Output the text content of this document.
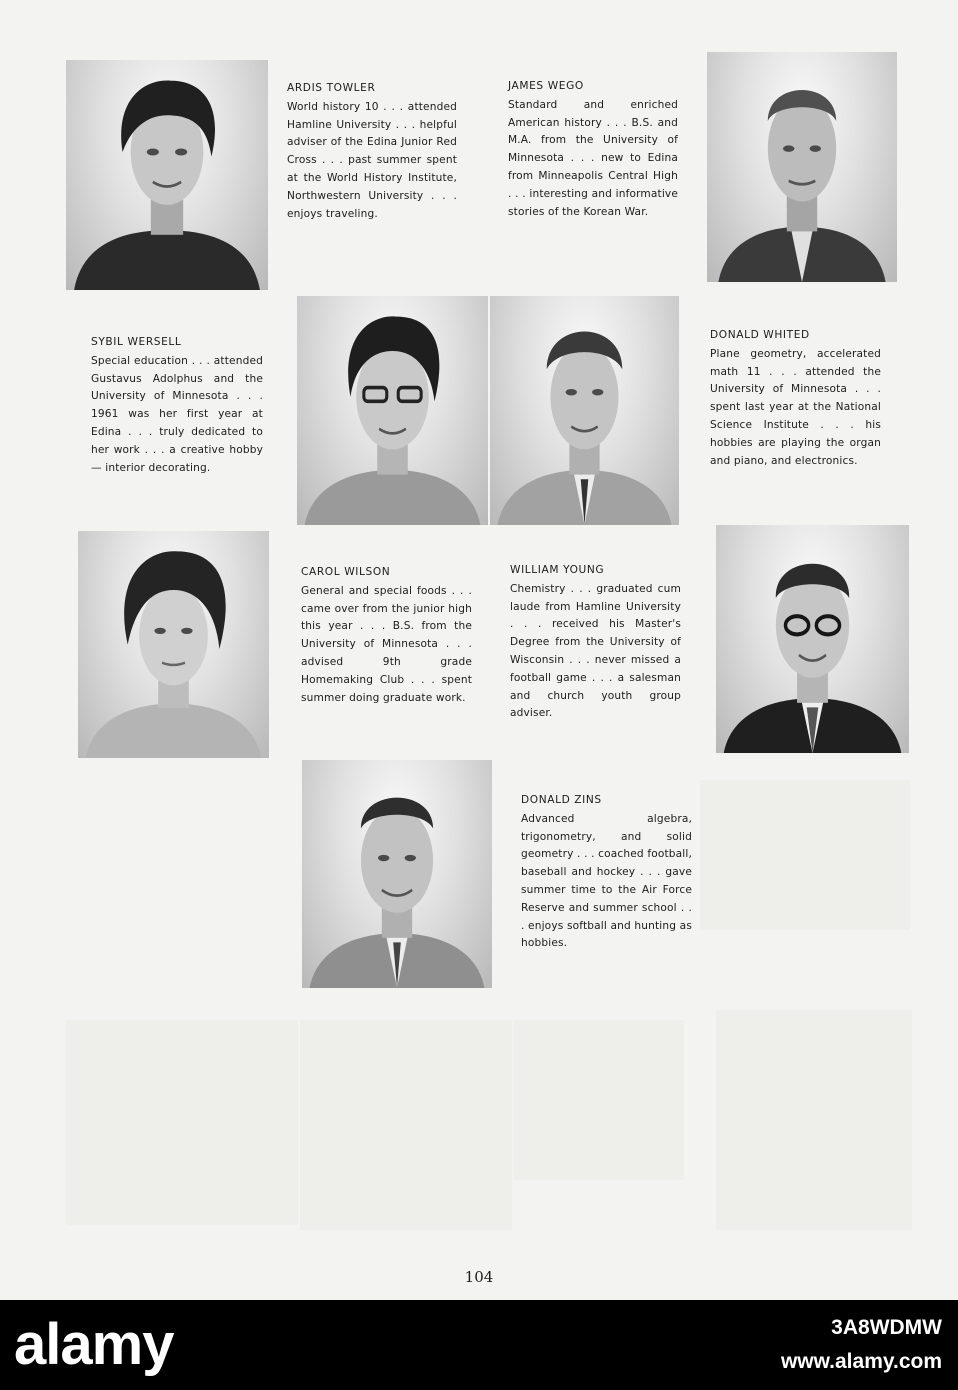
ARDIS TOWLER
World history 10 . . . attended Hamline University . . . helpful adviser of the Edina Junior Red Cross . . . past summer spent at the World History Institute, Northwestern University . . . enjoys traveling.
JAMES WEGO
Standard and enriched American history . . . B.S. and M.A. from the University of Minnesota . . . new to Edina from Minneapolis Central High . . . interesting and informative stories of the Korean War.
SYBIL WERSELL
Special education . . . attended Gustavus Adolphus and the University of Minnesota . . . 1961 was her first year at Edina . . . truly dedicated to her work . . . a creative hobby — interior decorating.
DONALD WHITED
Plane geometry, accelerated math 11 . . . attended the University of Minnesota . . . spent last year at the National Science Institute . . . his hobbies are playing the organ and piano, and electronics.
CAROL WILSON
General and special foods . . . came over from the junior high this year . . . B.S. from the University of Minnesota . . . advised 9th grade Homemaking Club . . . spent summer doing graduate work.
WILLIAM YOUNG
Chemistry . . . graduated cum laude from Hamline University . . . received his Master's Degree from the University of Wisconsin . . . never missed a football game . . . a salesman and church youth group adviser.
DONALD ZINS
Advanced algebra, trigonometry, and solid geometry . . . coached football, baseball and hockey . . . gave summer time to the Air Force Reserve and summer school . . . enjoys softball and hunting as hobbies.
104
alamy	3A8WDMW
www.alamy.com
